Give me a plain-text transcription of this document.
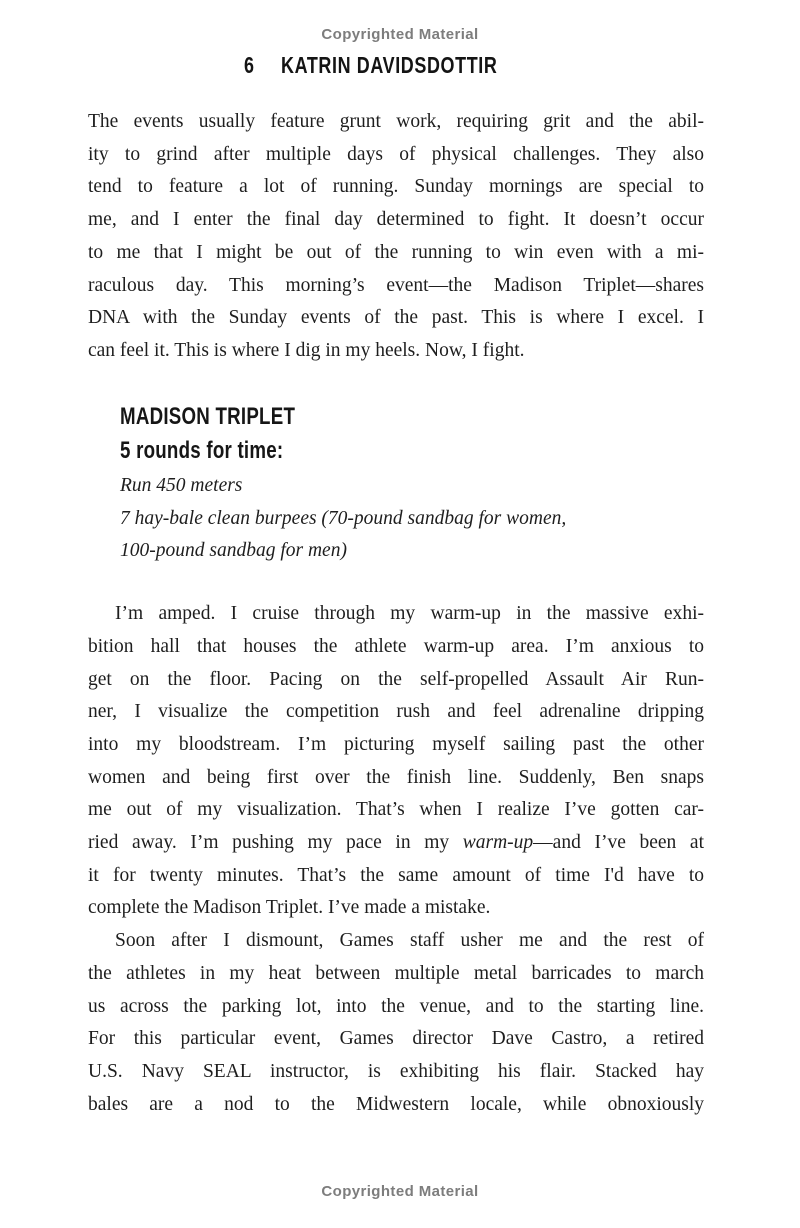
Copyrighted Material
6 KATRIN DAVIDSDOTTIR
The events usually feature grunt work, requiring grit and the abil-
ity to grind after multiple days of physical challenges. They also
tend to feature a lot of running. Sunday mornings are special to
me, and I enter the final day determined to fight. It doesn’t occur
to me that I might be out of the running to win even with a mi-
raculous day. This morning’s event—the Madison Triplet—shares
DNA with the Sunday events of the past. This is where I excel. I
can feel it. This is where I dig in my heels. Now, I fight.
MADISON TRIPLET
5 rounds for time:
Run 450 meters
7 hay-bale clean burpees (70-pound sandbag for women,
100-pound sandbag for men)
I’m amped. I cruise through my warm-up in the massive exhi-
bition hall that houses the athlete warm-up area. I’m anxious to
get on the floor. Pacing on the self-propelled Assault Air Run-
ner, I visualize the competition rush and feel adrenaline dripping
into my bloodstream. I’m picturing myself sailing past the other
women and being first over the finish line. Suddenly, Ben snaps
me out of my visualization. That’s when I realize I’ve gotten car-
ried away. I’m pushing my pace in my warm-up—and I’ve been at
it for twenty minutes. That’s the same amount of time I'd have to
complete the Madison Triplet. I’ve made a mistake.
Soon after I dismount, Games staff usher me and the rest of
the athletes in my heat between multiple metal barricades to march
us across the parking lot, into the venue, and to the starting line.
For this particular event, Games director Dave Castro, a retired
U.S. Navy SEAL instructor, is exhibiting his flair. Stacked hay
bales are a nod to the Midwestern locale, while obnoxiously
Copyrighted Material
